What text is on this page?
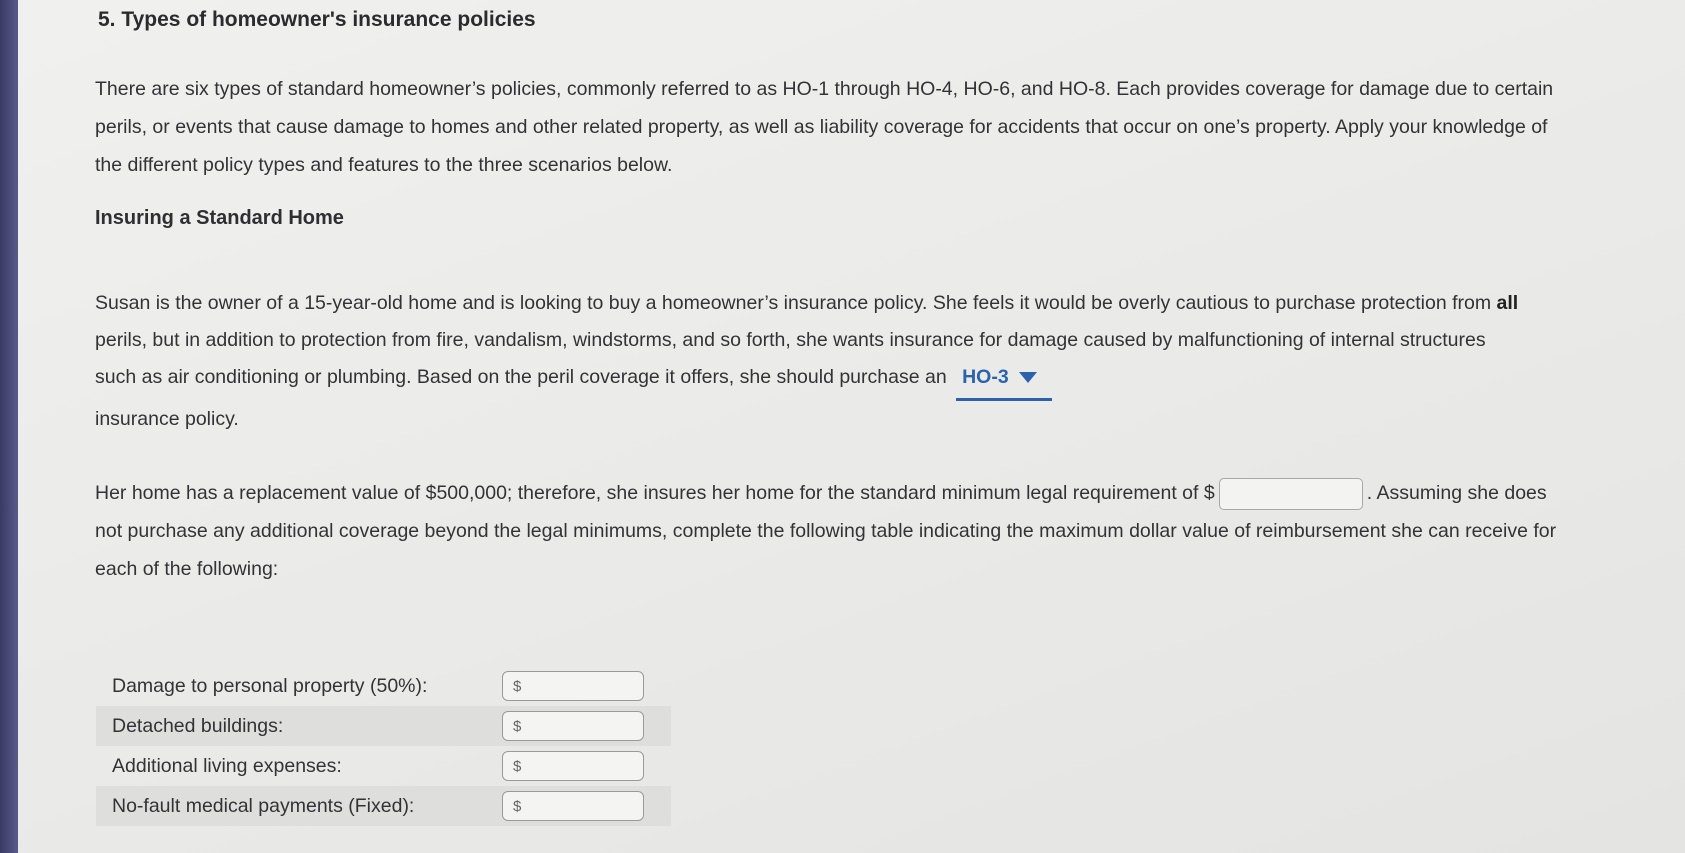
5. Types of homeowner's insurance policies
There are six types of standard homeowner’s policies, commonly referred to as HO-1 through HO-4, HO-6, and HO-8. Each provides coverage for damage due to certain perils, or events that cause damage to homes and other related property, as well as liability coverage for accidents that occur on one’s property. Apply your knowledge of the different policy types and features to the three scenarios below.
Insuring a Standard Home
Susan is the owner of a 15-year-old home and is looking to buy a homeowner’s insurance policy. She feels it would be overly cautious to purchase protection from all perils, but in addition to protection from fire, vandalism, windstorms, and so forth, she wants insurance for damage caused by malfunctioning of internal structures such as air conditioning or plumbing. Based on the peril coverage it offers, she should purchase an HO-3
insurance policy.
Her home has a replacement value of $500,000; therefore, she insures her home for the standard minimum legal requirement of $	. Assuming she does not purchase any additional coverage beyond the legal minimums, complete the following table indicating the maximum dollar value of reimbursement she can receive for each of the following:
Damage to personal property (50%):	$
Detached buildings:	$
Additional living expenses:	$
No-fault medical payments (Fixed):	$
